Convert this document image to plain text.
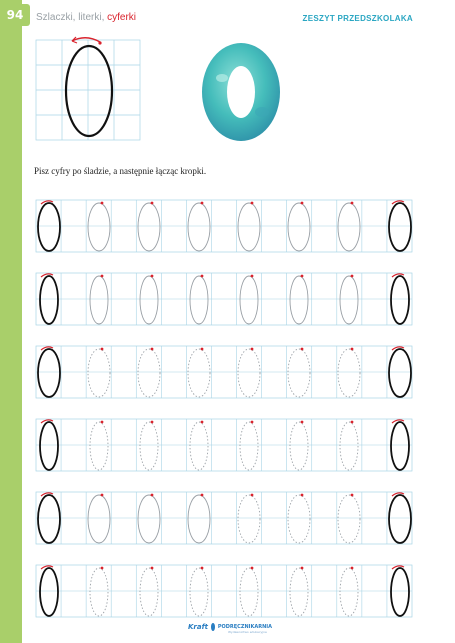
94	Szlaczki, literki, cyferki	ZESZYT PRZEDSZKOLAKA
Pisz cyfry po śladzie, a następnie łącząc kropki.
Kraft PODRĘCZNIKARNIA
Wydawnictwo edukacyjne
